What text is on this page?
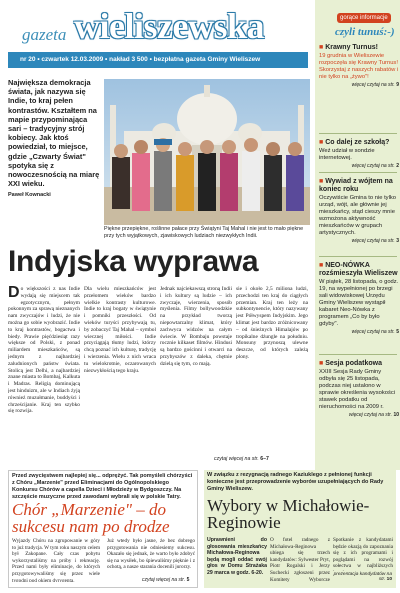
gazeta wieliszewska
nr 20 • czwartek 12.03.2009 • nakład 3 500 • bezpłatna gazeta Gminy Wieliszew
Największa demokracja świata, jak nazywa się Indie, to kraj pełen kontrastów. Kształtem na mapie przypominająca sari – tradycyjny strój kobiecy. Jak ktoś powiedział, to miejsce, gdzie „Czwarty Świat" spotyka się z nowoczesnością na miarę XXI wieku.
Paweł Kownacki
Piękne przepiękne, roślinne pałace przy Świątyni Taj Mahal i nie jest to mało piękne przy tych wyjątkowych, zjawiskowych ludziach niezwykłych Indii.
Indyjska wyprawa
Do większości z nas Indie wydają się miejscem tak egzotycznym, pełnym pokonnym za sprawą nieznanych nam zwyczajów i ludzi, że nie można go sobie wyobrazić. Indie to kraj kontrastów, bogactwa i biedy. Prawie pięćdziesiąt razy większe od Polski, z ponad miliardem mieszkańców, są jednym z najbardziej zaludnionych państw świata. Stolicą jest Delhi, a najbardziej znane miasta to Bombaj, Kalkuta i Madras. Religią dominującą jest hinduizm, ale w Indiach żyją również muzułmanie, buddyści i chrześcijanie. Kraj ten szybko się rozwija.
Dla wielu mieszkańców jest przełomem wieków bardzo wielkie kontrasty kulturowe. Indie to kraj bogaty w świątynie i pomniki przeszłości. Od wieków turyści przybywają tu, by zobaczyć Taj Mahal – symbol wiecznej miłości. Indie przyciągają tłumy ludzi, którzy chcą poznać ich kulturę, tradycję i wierzenia. Wielu z nich wraca tu wielokrotnie, oczarowanych niezwykłością tego kraju.
Jednak najciekawszą stroną Indii i ich kultury są ludzie – ich zwyczaje, wierzenia, sposób myślenia. Filmy bollywoodzkie na przykład tworzą niepowtarzalny klimat, który zachwyca widzów na całym świecie. W Bombaju powstaje rocznie kilkaset filmów. Hindusi są bardzo gościnni i otwarci na przybyszów z daleka, chętnie dzielą się tym, co mają.
sie i około 2,5 miliona ludzi, przechodzi ten kraj do ciągłych przemian. Kraj ten leży na subkontynencie, który nazywany jest Półwyspem Indyjskim. Jego klimat jest bardzo zróżnicowany – od śnieżnych Himalajów po tropikalne dżungle na południu. Monsuny przynoszą ulewne deszcze, od których zależą plony.
czytaj więcej na str. 6–7
gorące informacje
czyli tunuś:-)
■ Krawny Turnus!
19 grudnia w Wieliszewie rozpoczęła się Krawny Turnus! Skorzystaj z naszych rabatów i nie tylko na „żywo"!
więcej czytaj na str. 9
■ Co dalej ze szkołą?
Weź udział w sondzie internetowej.
więcej czytaj na str. 2
■ Wywiad z wójtem na koniec roku
Oczywiście Gmina to nie tylko urząd, wójt, ale głównie jej mieszkańcy, stąd cieszy mnie wzmożona aktywność mieszkańców w grupach artystycznych.
więcej czytaj na str. 3
■ NEO-NÓWKA rozśmieszyła Wieliszew
W piątek, 28 listopada, o godz. 19, na wypełnionej po brzegi sali widowiskowej Urzędu Gminy Wieliszew wystąpił kabaret Neo-Nówka z programem „Co by było gdyby".
więcej czytaj na str. 5
■ Sesja podatkowa
XXIII Sesja Rady Gminy odbyła się 25 listopada, podczas niej ustalono w sprawie określenia wysokości stawek podatku od nieruchomości na 2009 r.
więcej czytaj na str. 10
Przed zwycięstwem najlepiej się... odprężyć. Tak pomyśleli chórzyści z Chóru „Marzenie" przed Eliminacjami do Ogólnopolskiego Konkursu Chórów a capella Dzieci i Młodzieży w Bydgoszczy. Na szczęście muzyczne przed zawodami wybrali się w polskie Tatry.
Chór „Marzenie" – do sukcesu nam po drodze
Wyjazdy Chóru na zgrupowanie w góry to już tradycja. W tym roku naszym celem był Zakopane. Cały czas pobytu wykorzystaliśmy na próby i rekreację. Przed nami były eliminacje, do których przygotowywaliśmy się przez wiele tygodni pod okiem dyrygenta.
Już wtedy było jasne, że bez dobrego przygotowania nie odniesiemy sukcesu. Okazało się jednak, że warto było zdobyć się na wysiłek, bo śpiewaliśmy pięknie i z ochotą, a nasze starania docenili jurorzy.
czytaj więcej na str. 5
W związku z rezygnacją radnego Kaziuklego z pełnionej funkcji konieczne jest przeprowadzenie wyborów uzupełniających do Rady Gminy Wieliszew.
Wybory w Michałowie-Reginowie
Uprawnieni do głosowania mieszkańcy Michałowa-Reginowa będą mogli oddać swój głos w Domu Strażaka 29 marca w godz. 6-20.
O fotel radnego z Michałowa-Reginowa ubiega się trzech kandydatów: Sylwester Pryt, Piotr Rogalski i Jerzy Suchecki zgłoszeni przez Komitety Wyborcze
Spotkanie z kandydatami będzie okazją do zapoznania się z ich programami i poglądami na rozwój sołectwa w najbliższych
prezentacja kandydatów na str. 10
